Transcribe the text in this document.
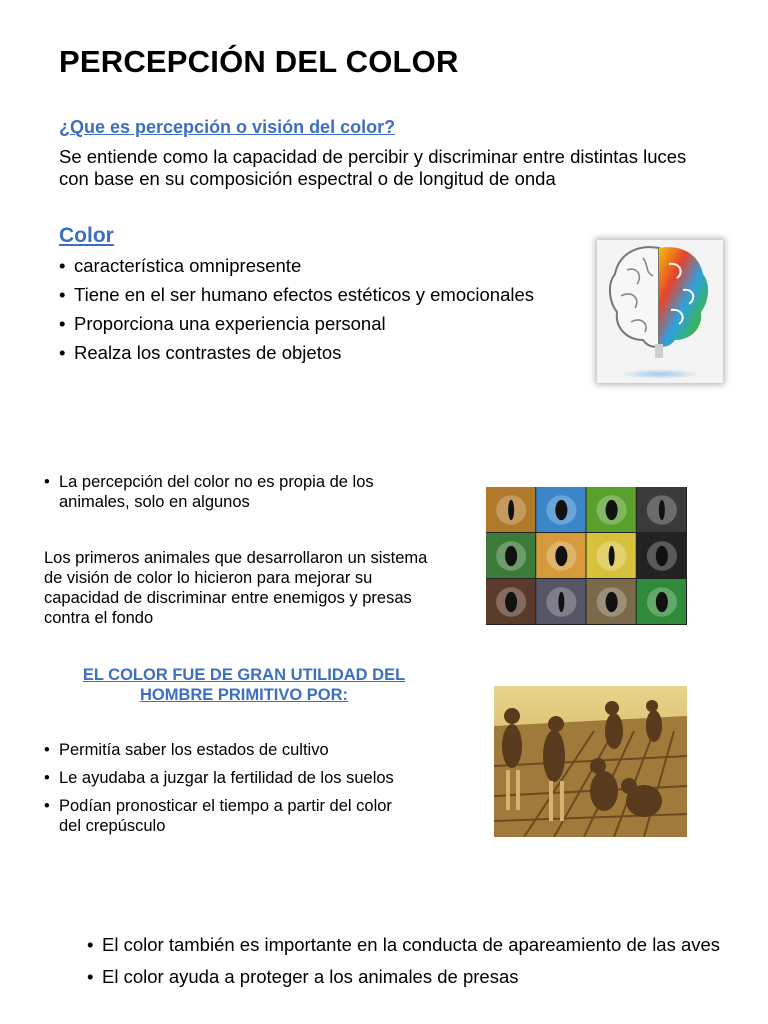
PERCEPCIÓN DEL COLOR
¿Que es percepción o visión del color?
Se entiende como la capacidad de percibir y discriminar entre distintas luces con base en su composición espectral o de longitud de onda
Color
• característica omnipresente
• Tiene en el ser humano efectos estéticos y emocionales
• Proporciona una experiencia personal
• Realza los contrastes de objetos
• La percepción del color no es propia de los animales, solo en algunos
Los primeros animales que desarrollaron un sistema de visión de color lo hicieron para mejorar su capacidad de discriminar entre enemigos y presas contra el fondo
EL COLOR FUE DE GRAN UTILIDAD DEL
HOMBRE PRIMITIVO POR:
• Permitía saber los estados de cultivo
• Le ayudaba a juzgar la fertilidad de los suelos
• Podían pronosticar el tiempo a partir del color del crepúsculo
• El color también es importante en la conducta de apareamiento de las aves
• El color ayuda a proteger a los animales de presas
